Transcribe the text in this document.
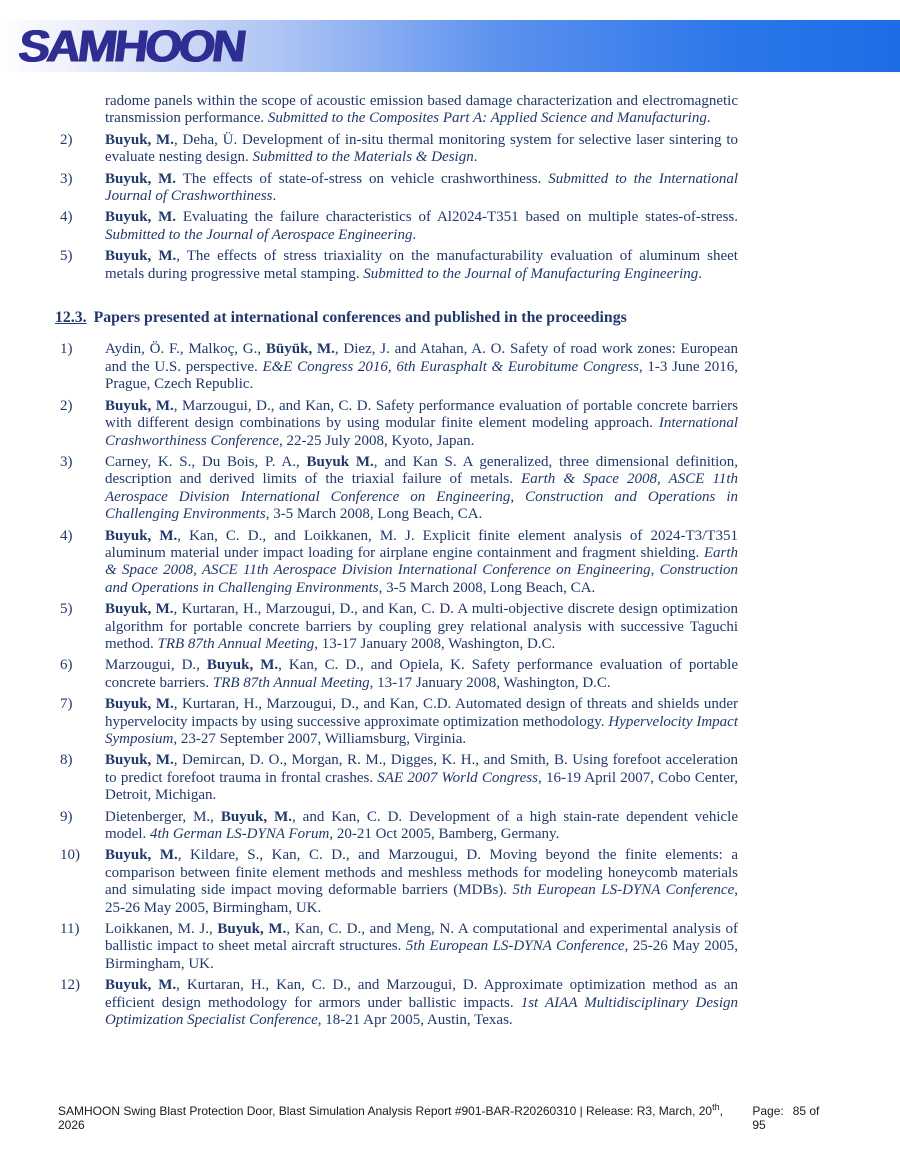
SAMHOON
radome panels within the scope of acoustic emission based damage characterization and electromagnetic transmission performance. Submitted to the Composites Part A: Applied Science and Manufacturing.
2)	Buyuk, M., Deha, Ü. Development of in-situ thermal monitoring system for selective laser sintering to evaluate nesting design. Submitted to the Materials & Design.
3)	Buyuk, M. The effects of state-of-stress on vehicle crashworthiness. Submitted to the International Journal of Crashworthiness.
4)	Buyuk, M. Evaluating the failure characteristics of Al2024-T351 based on multiple states-of-stress. Submitted to the Journal of Aerospace Engineering.
5)	Buyuk, M., The effects of stress triaxiality on the manufacturability evaluation of aluminum sheet metals during progressive metal stamping. Submitted to the Journal of Manufacturing Engineering.
12.3. Papers presented at international conferences and published in the proceedings
1)	Aydin, Ö. F., Malkoç, G., Büyük, M., Diez, J. and Atahan, A. O. Safety of road work zones: European and the U.S. perspective. E&E Congress 2016, 6th Eurasphalt & Eurobitume Congress, 1-3 June 2016, Prague, Czech Republic.
2)	Buyuk, M., Marzougui, D., and Kan, C. D. Safety performance evaluation of portable concrete barriers with different design combinations by using modular finite element modeling approach. International Crashworthiness Conference, 22-25 July 2008, Kyoto, Japan.
3)	Carney, K. S., Du Bois, P. A., Buyuk M., and Kan S. A generalized, three dimensional definition, description and derived limits of the triaxial failure of metals. Earth & Space 2008, ASCE 11th Aerospace Division International Conference on Engineering, Construction and Operations in Challenging Environments, 3-5 March 2008, Long Beach, CA.
4)	Buyuk, M., Kan, C. D., and Loikkanen, M. J. Explicit finite element analysis of 2024-T3/T351 aluminum material under impact loading for airplane engine containment and fragment shielding. Earth & Space 2008, ASCE 11th Aerospace Division International Conference on Engineering, Construction and Operations in Challenging Environments, 3-5 March 2008, Long Beach, CA.
5)	Buyuk, M., Kurtaran, H., Marzougui, D., and Kan, C. D. A multi-objective discrete design optimization algorithm for portable concrete barriers by coupling grey relational analysis with successive Taguchi method. TRB 87th Annual Meeting, 13-17 January 2008, Washington, D.C.
6)	Marzougui, D., Buyuk, M., Kan, C. D., and Opiela, K. Safety performance evaluation of portable concrete barriers. TRB 87th Annual Meeting, 13-17 January 2008, Washington, D.C.
7)	Buyuk, M., Kurtaran, H., Marzougui, D., and Kan, C.D. Automated design of threats and shields under hypervelocity impacts by using successive approximate optimization methodology. Hypervelocity Impact Symposium, 23-27 September 2007, Williamsburg, Virginia.
8)	Buyuk, M., Demircan, D. O., Morgan, R. M., Digges, K. H., and Smith, B. Using forefoot acceleration to predict forefoot trauma in frontal crashes. SAE 2007 World Congress, 16-19 April 2007, Cobo Center, Detroit, Michigan.
9)	Dietenberger, M., Buyuk, M., and Kan, C. D. Development of a high stain-rate dependent vehicle model. 4th German LS-DYNA Forum, 20-21 Oct 2005, Bamberg, Germany.
10)	Buyuk, M., Kildare, S., Kan, C. D., and Marzougui, D. Moving beyond the finite elements: a comparison between finite element methods and meshless methods for modeling honeycomb materials and simulating side impact moving deformable barriers (MDBs). 5th European LS-DYNA Conference, 25-26 May 2005, Birmingham, UK.
11)	Loikkanen, M. J., Buyuk, M., Kan, C. D., and Meng, N. A computational and experimental analysis of ballistic impact to sheet metal aircraft structures. 5th European LS-DYNA Conference, 25-26 May 2005, Birmingham, UK.
12)	Buyuk, M., Kurtaran, H., Kan, C. D., and Marzougui, D. Approximate optimization method as an efficient design methodology for armors under ballistic impacts. 1st AIAA Multidisciplinary Design Optimization Specialist Conference, 18-21 Apr 2005, Austin, Texas.
SAMHOON Swing Blast Protection Door, Blast Simulation Analysis Report #901-BAR-R20260310 | Release: R3, March, 20th, 2026
Page: 85 of 95
